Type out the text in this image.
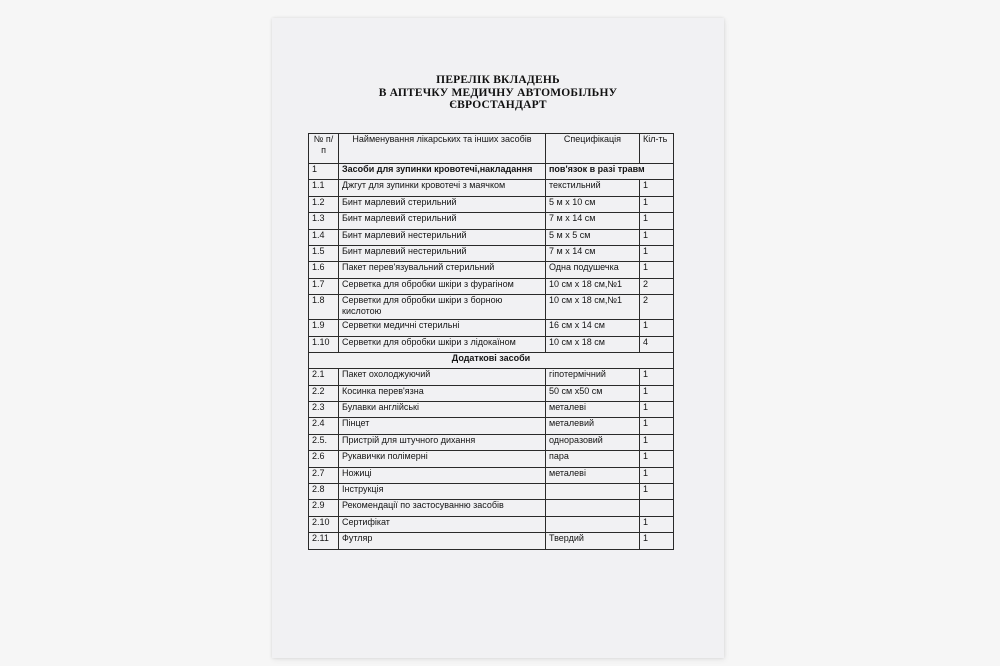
ПЕРЕЛІК ВКЛАДЕНЬ
В АПТЕЧКУ МЕДИЧНУ АВТОМОБІЛЬНУ
ЄВРОСТАНДАРТ
№ п/п	Найменування лікарських та інших засобів	Специфікація	Кіл-ть
1	Засоби для зупинки кровотечі,накладання	пов'язок в разі травм	
1.1	Джгут для зупинки кровотечі з маячком	текстильний	1
1.2	Бинт марлевий стерильний	5 м х 10 см	1
1.3	Бинт марлевий стерильний	7 м х 14 см	1
1.4	Бинт марлевий нестерильний	5 м х 5 см	1
1.5	Бинт марлевий нестерильний	7 м х 14 см	1
1.6	Пакет перев'язувальний стерильний	Одна подушечка	1
1.7	Серветка для обробки шкіри з фурагіном	10 см х 18 см,№1	2
1.8	Серветки для обробки шкіри з борною кислотою	10 см х 18 см,№1	2
1.9	Серветки медичні стерильні	16 см х 14 см	1
1.10	Серветки для обробки шкіри з лідокаїном	10 см х 18 см	4
Додаткові засоби			
2.1	Пакет охолоджуючий	гіпотермічний	1
2.2	Косинка перев'язна	50 см х50 см	1
2.3	Булавки англійські	металеві	1
2.4	Пінцет	металевий	1
2.5.	Пристрій для штучного дихання	одноразовий	1
2.6	Рукавички полімерні	пара	1
2.7	Ножиці	металеві	1
2.8	Інструкція		1
2.9	Рекомендації по застосуванню засобів		
2.10	Сертифікат		1
2.11	Футляр	Твердий	1
